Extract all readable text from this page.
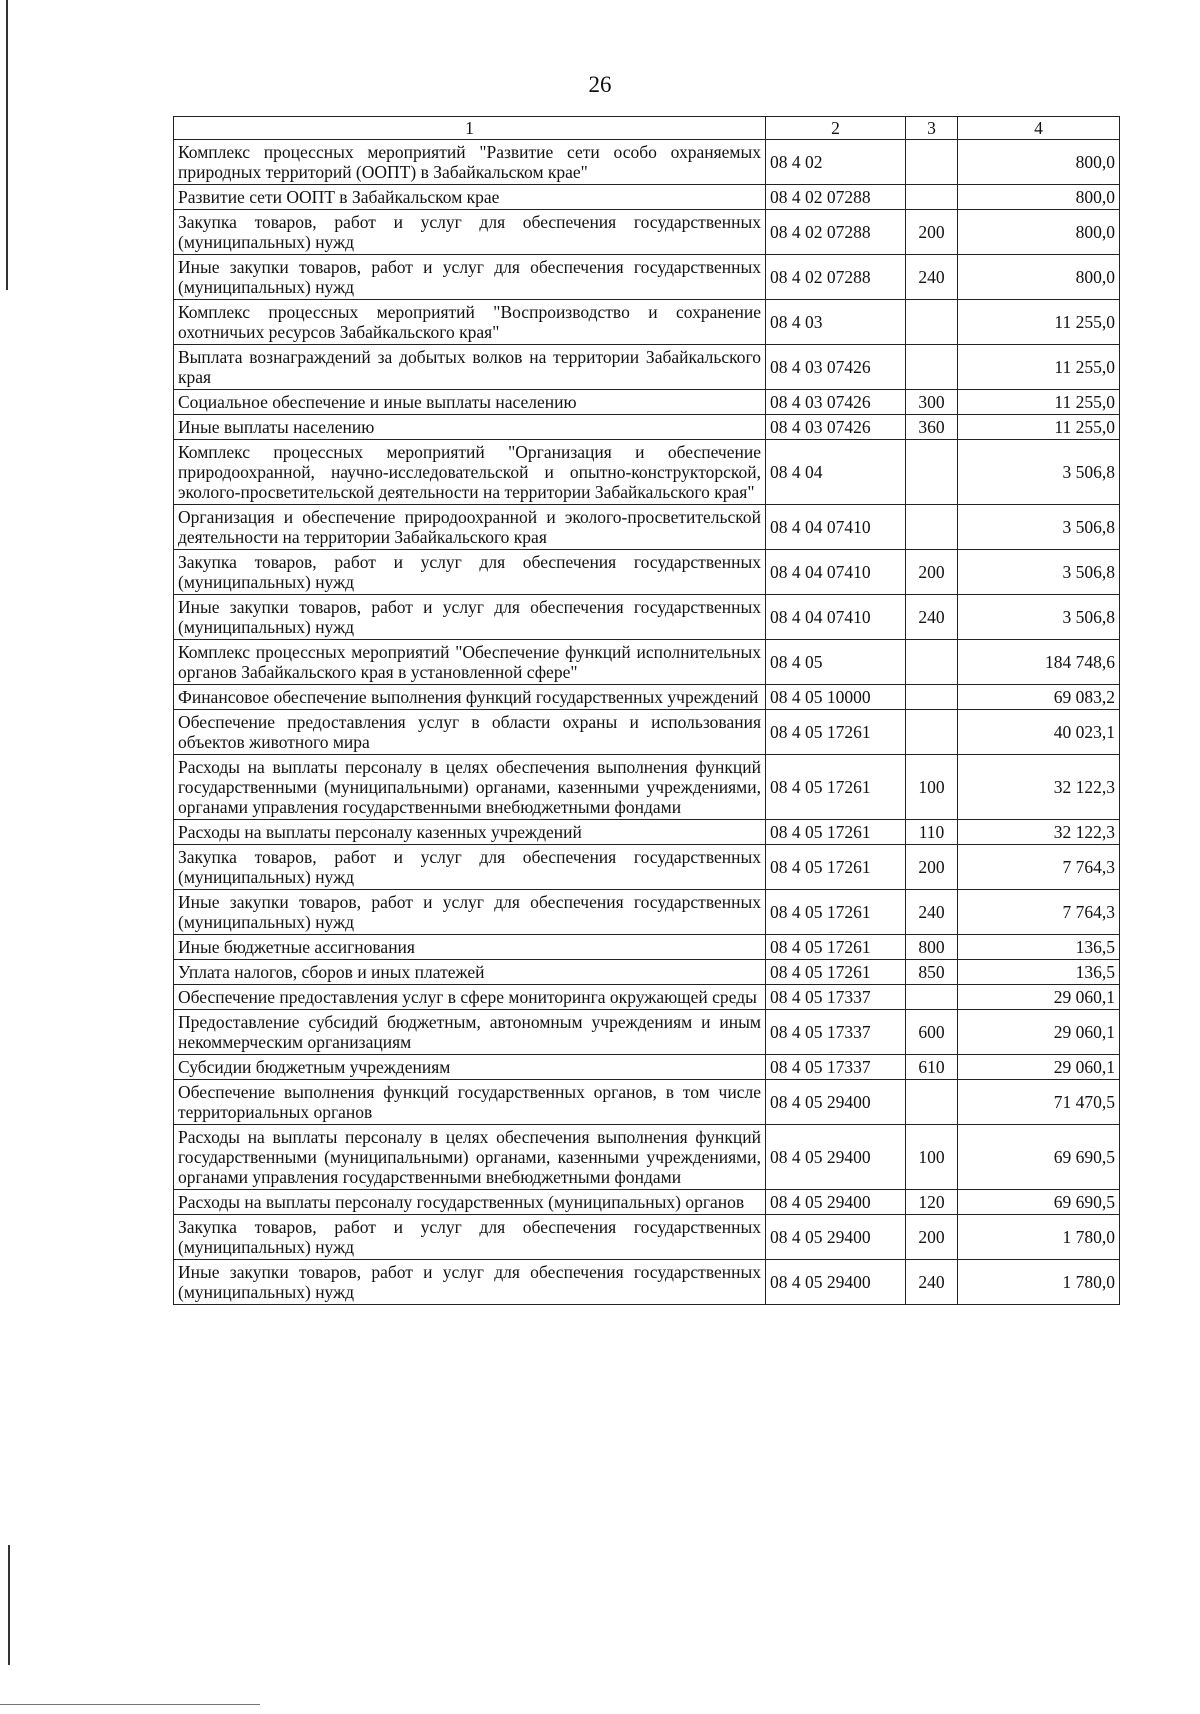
26
1	2	3	4
Комплекс процессных мероприятий "Развитие сети особо охраняемых природных территорий (ООПТ) в Забайкальском крае"	08 4 02		800,0
Развитие сети ООПТ в Забайкальском крае	08 4 02 07288		800,0
Закупка товаров, работ и услуг для обеспечения государственных (муниципальных) нужд	08 4 02 07288	200	800,0
Иные закупки товаров, работ и услуг для обеспечения государственных (муниципальных) нужд	08 4 02 07288	240	800,0
Комплекс процессных мероприятий "Воспроизводство и сохранение охотничьих ресурсов Забайкальского края"	08 4 03		11 255,0
Выплата вознаграждений за добытых волков на территории Забайкальского края	08 4 03 07426		11 255,0
Социальное обеспечение и иные выплаты населению	08 4 03 07426	300	11 255,0
Иные выплаты населению	08 4 03 07426	360	11 255,0
Комплекс процессных мероприятий "Организация и обеспечение природоохранной, научно-исследовательской и опытно-конструкторской, эколого-просветительской деятельности на территории Забайкальского края"	08 4 04		3 506,8
Организация и обеспечение природоохранной и эколого-просветительской деятельности на территории Забайкальского края	08 4 04 07410		3 506,8
Закупка товаров, работ и услуг для обеспечения государственных (муниципальных) нужд	08 4 04 07410	200	3 506,8
Иные закупки товаров, работ и услуг для обеспечения государственных (муниципальных) нужд	08 4 04 07410	240	3 506,8
Комплекс процессных мероприятий "Обеспечение функций исполнительных органов Забайкальского края в установленной сфере"	08 4 05		184 748,6
Финансовое обеспечение выполнения функций государственных учреждений	08 4 05 10000		69 083,2
Обеспечение предоставления услуг в области охраны и использования объектов животного мира	08 4 05 17261		40 023,1
Расходы на выплаты персоналу в целях обеспечения выполнения функций государственными (муниципальными) органами, казенными учреждениями, органами управления государственными внебюджетными фондами	08 4 05 17261	100	32 122,3
Расходы на выплаты персоналу казенных учреждений	08 4 05 17261	110	32 122,3
Закупка товаров, работ и услуг для обеспечения государственных (муниципальных) нужд	08 4 05 17261	200	7 764,3
Иные закупки товаров, работ и услуг для обеспечения государственных (муниципальных) нужд	08 4 05 17261	240	7 764,3
Иные бюджетные ассигнования	08 4 05 17261	800	136,5
Уплата налогов, сборов и иных платежей	08 4 05 17261	850	136,5
Обеспечение предоставления услуг в сфере мониторинга окружающей среды	08 4 05 17337		29 060,1
Предоставление субсидий бюджетным, автономным учреждениям и иным некоммерческим организациям	08 4 05 17337	600	29 060,1
Субсидии бюджетным учреждениям	08 4 05 17337	610	29 060,1
Обеспечение выполнения функций государственных органов, в том числе территориальных органов	08 4 05 29400		71 470,5
Расходы на выплаты персоналу в целях обеспечения выполнения функций государственными (муниципальными) органами, казенными учреждениями, органами управления государственными внебюджетными фондами	08 4 05 29400	100	69 690,5
Расходы на выплаты персоналу государственных (муниципальных) органов	08 4 05 29400	120	69 690,5
Закупка товаров, работ и услуг для обеспечения государственных (муниципальных) нужд	08 4 05 29400	200	1 780,0
Иные закупки товаров, работ и услуг для обеспечения государственных (муниципальных) нужд	08 4 05 29400	240	1 780,0
